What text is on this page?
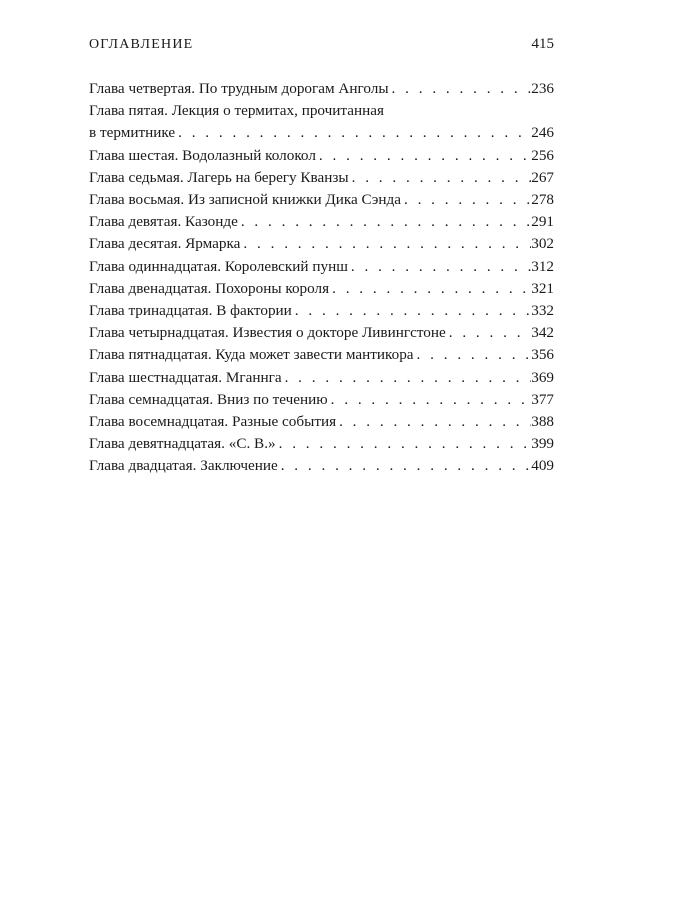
ОГЛАВЛЕНИЕ	415
Глава четвертая. По трудным дорогам Анголы . . .	236
Глава пятая. Лекция о термитах, прочитанная
в термитнике . . .	246
Глава шестая. Водолазный колокол . . .	256
Глава седьмая. Лагерь на берегу Кванзы . . .	267
Глава восьмая. Из записной книжки Дика Сэнда . . .	278
Глава девятая. Казонде . . .	291
Глава десятая. Ярмарка . . .	302
Глава одиннадцатая. Королевский пунш . . .	312
Глава двенадцатая. Похороны короля . . .	321
Глава тринадцатая. В фактории . . .	332
Глава четырнадцатая. Известия о докторе Ливингстоне . . .	342
Глава пятнадцатая. Куда может завести мантикора . . .	356
Глава шестнадцатая. Мганнга . . .	369
Глава семнадцатая. Вниз по течению . . .	377
Глава восемнадцатая. Разные события . . .	388
Глава девятнадцатая. «С. В.» . . .	399
Глава двадцатая. Заключение . . .	409
